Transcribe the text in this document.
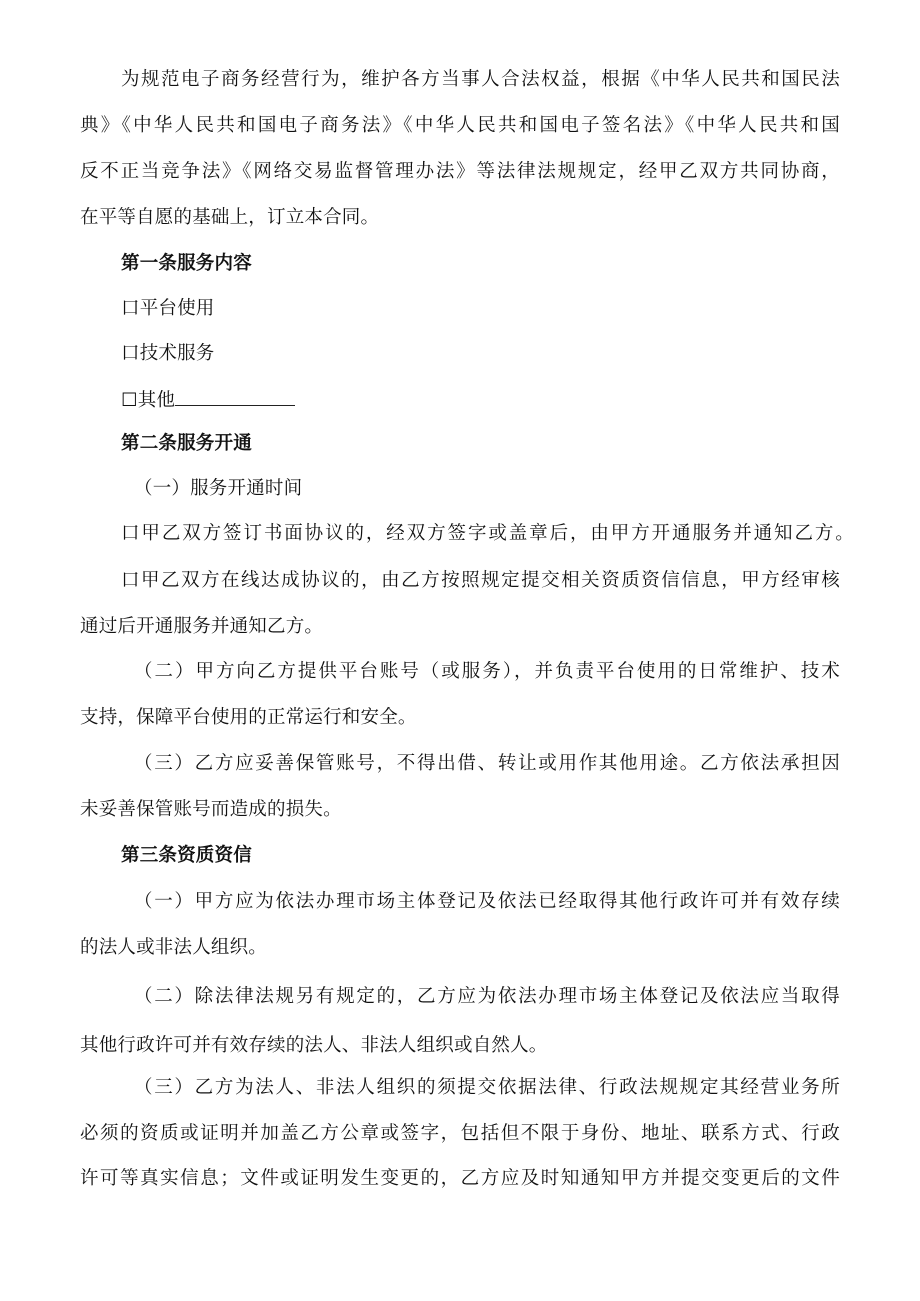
为规范电子商务经营行为，维护各方当事人合法权益，根据《中华人民共和国民法
典》《中华人民共和国电子商务法》《中华人民共和国电子签名法》《中华人民共和国
反不正当竞争法》《网络交易监督管理办法》等法律法规规定，经甲乙双方共同协商，
在平等自愿的基础上，订立本合同。
第一条服务内容
口平台使用
口技术服务
☐其他
第二条服务开通
（一）服务开通时间
口甲乙双方签订书面协议的，经双方签字或盖章后，由甲方开通服务并通知乙方。
口甲乙双方在线达成协议的，由乙方按照规定提交相关资质资信信息，甲方经审核
通过后开通服务并通知乙方。
（二）甲方向乙方提供平台账号（或服务），并负责平台使用的日常维护、技术
支持，保障平台使用的正常运行和安全。
（三）乙方应妥善保管账号，不得出借、转让或用作其他用途。乙方依法承担因
未妥善保管账号而造成的损失。
第三条资质资信
（一）甲方应为依法办理市场主体登记及依法已经取得其他行政许可并有效存续
的法人或非法人组织。
（二）除法律法规另有规定的，乙方应为依法办理市场主体登记及依法应当取得
其他行政许可并有效存续的法人、非法人组织或自然人。
（三）乙方为法人、非法人组织的须提交依据法律、行政法规规定其经营业务所
必须的资质或证明并加盖乙方公章或签字，包括但不限于身份、地址、联系方式、行政
许可等真实信息；文件或证明发生变更的，乙方应及时知通知甲方并提交变更后的文件
